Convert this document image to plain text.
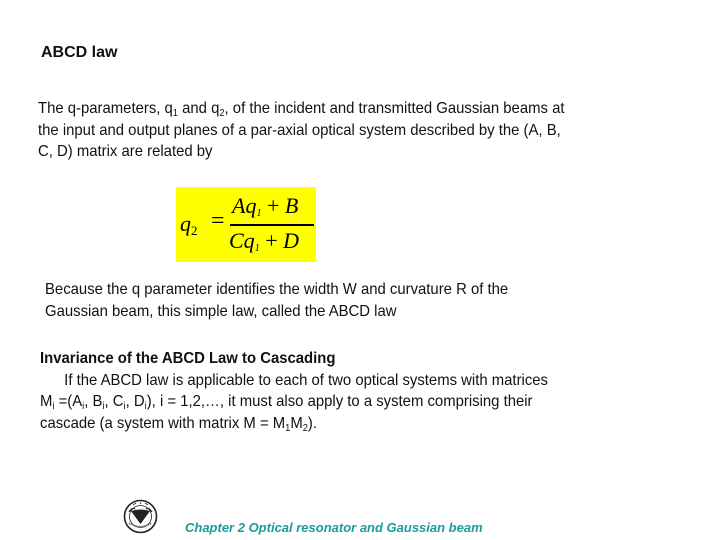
ABCD law
The q-parameters, $q_1$ and $q_2$, of the incident and transmitted Gaussian beams at
the input and output planes of a par-axial optical system described by the (A, B,
C, D) matrix are related by
$q_2$ =
$Aq_1 + B$
$Cq_1 + D$
Because the q parameter identifies the width W and curvature R of the
Gaussian beam, this simple law, called the ABCD law
Invariance of the ABCD Law to Cascading
If the ABCD law is applicable to each of two optical systems with matrices
$M_i =(A_i$, $B_i$, $C_i$, $D_i$), i = 1,2,…, it must also apply to a system comprising their
cascade (a system with matrix $M = M_1M_2$).
Chapter 2 Optical resonator and Gaussian beam
